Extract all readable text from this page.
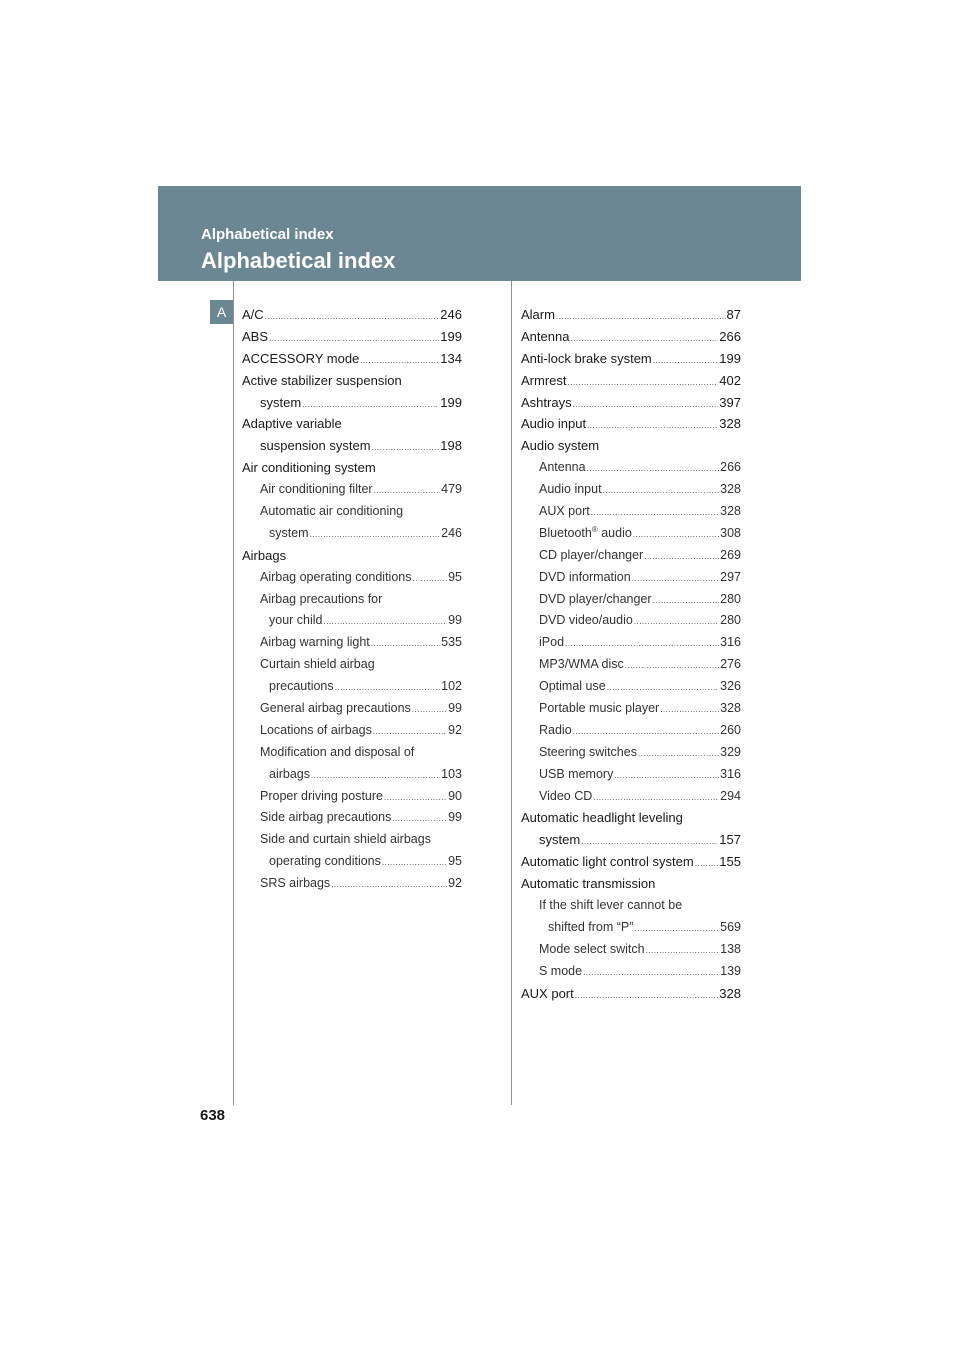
Alphabetical index
Alphabetical index
A	A/C .....	246
ABS .....	199
ACCESSORY mode .....	134
Active stabilizer suspension
system .....	199
Adaptive variable
suspension system .....	198
Air conditioning system
Air conditioning filter .....	479
Automatic air conditioning
system .....	246
Airbags
Airbag operating conditions .....	95
Airbag precautions for
your child .....	99
Airbag warning light .....	535
Curtain shield airbag
precautions .....	102
General airbag precautions .....	99
Locations of airbags .....	92
Modification and disposal of
airbags .....	103
Proper driving posture .....	90
Side airbag precautions .....	99
Side and curtain shield airbags
operating conditions .....	95
SRS airbags .....	92
Alarm .....	87
Antenna .....	266
Anti-lock brake system .....	199
Armrest .....	402
Ashtrays .....	397
Audio input .....	328
Audio system
Antenna .....	266
Audio input .....	328
AUX port .....	328
Bluetooth® audio .....	308
CD player/changer .....	269
DVD information .....	297
DVD player/changer .....	280
DVD video/audio .....	280
iPod .....	316
MP3/WMA disc .....	276
Optimal use .....	326
Portable music player .....	328
Radio .....	260
Steering switches .....	329
USB memory .....	316
Video CD .....	294
Automatic headlight leveling
system .....	157
Automatic light control system ..... 155
Automatic transmission
If the shift lever cannot be
shifted from “P” .....	569
Mode select switch .....	138
S mode .....	139
AUX port .....	328
638
